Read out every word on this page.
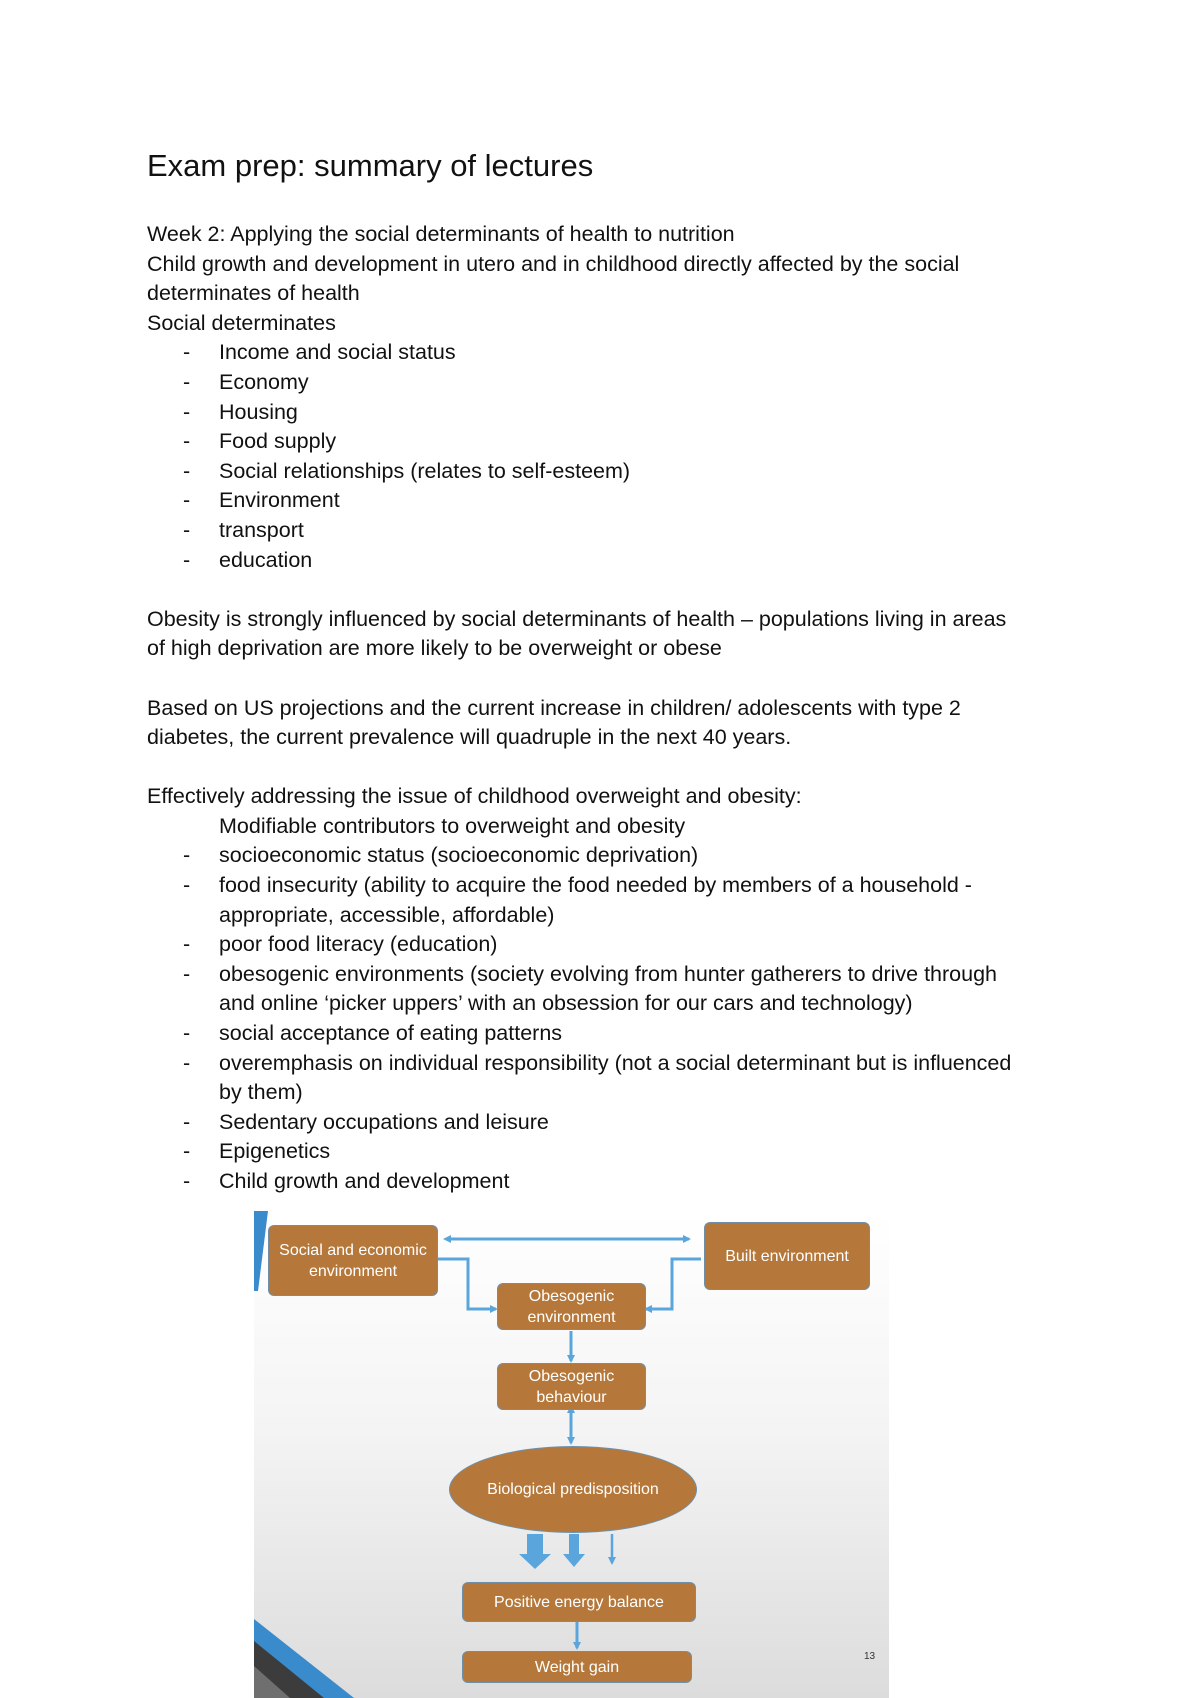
Exam prep: summary of lectures
Week 2: Applying the social determinants of health to nutrition
Child growth and development in utero and in childhood directly affected by the social
determinates of health
Social determinates
- Income and social status
- Economy
- Housing
- Food supply
- Social relationships (relates to self-esteem)
- Environment
- transport
- education
Obesity is strongly influenced by social determinants of health – populations living in areas
of high deprivation are more likely to be overweight or obese
Based on US projections and the current increase in children/ adolescents with type 2
diabetes, the current prevalence will quadruple in the next 40 years.
Effectively addressing the issue of childhood overweight and obesity:
Modifiable contributors to overweight and obesity
- socioeconomic status (socioeconomic deprivation)
- food insecurity (ability to acquire the food needed by members of a household -
appropriate, accessible, affordable)
- poor food literacy (education)
- obesogenic environments (society evolving from hunter gatherers to drive through
and online ‘picker uppers’ with an obsession for our cars and technology)
- social acceptance of eating patterns
- overemphasis on individual responsibility (not a social determinant but is influenced
by them)
- Sedentary occupations and leisure
- Epigenetics
- Child growth and development
Social and economic environment
Built environment
Obesogenic environment
Obesogenic behaviour
Biological predisposition
Positive energy balance
Weight gain
13
